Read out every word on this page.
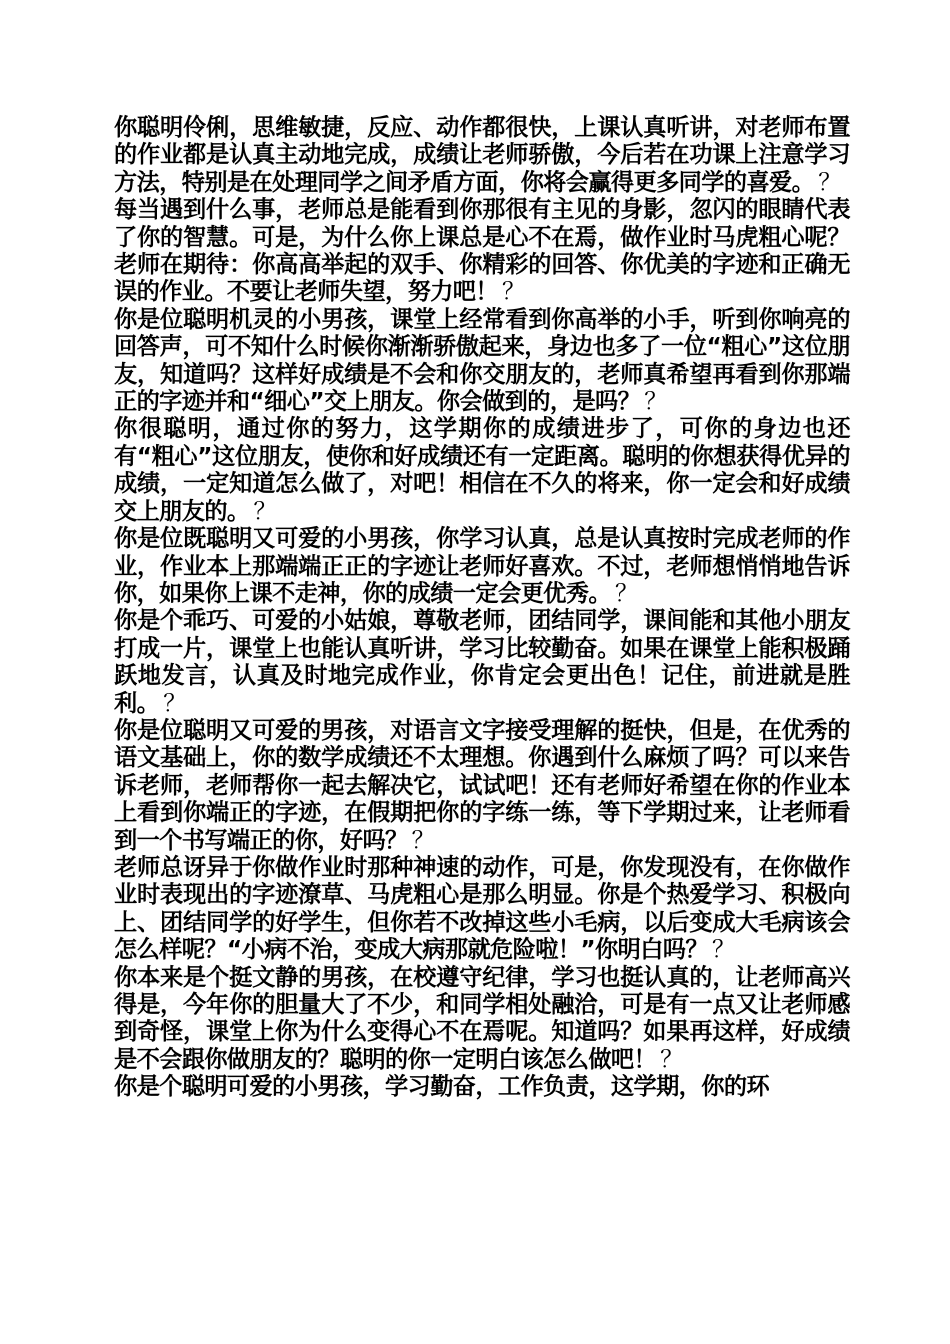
你聪明伶俐，思维敏捷，反应、动作都很快，上课认真听讲，对老师布置的作业都是认真主动地完成，成绩让老师骄傲，今后若在功课上注意学习方法，特别是在处理同学之间矛盾方面，你将会赢得更多同学的喜爱。 ？

每当遇到什么事，老师总是能看到你那很有主见的身影，忽闪的眼睛代表了你的智慧。可是，为什么你上课总是心不在焉，做作业时马虎粗心呢？老师在期待：你高高举起的双手、你精彩的回答、你优美的字迹和正确无误的作业。不要让老师失望，努力吧！ ？

你是位聪明机灵的小男孩，课堂上经常看到你高举的小手，听到你响亮的回答声，可不知什么时候你渐渐骄傲起来，身边也多了一位“粗心”这位朋友，知道吗？这样好成绩是不会和你交朋友的，老师真希望再看到你那端正的字迹并和“细心”交上朋友。你会做到的，是吗？ ？

你很聪明，通过你的努力，这学期你的成绩进步了，可你的身边也还有“粗心”这位朋友，使你和好成绩还有一定距离。聪明的你想获得优异的成绩，一定知道怎么做了，对吧！相信在不久的将来，你一定会和好成绩交上朋友的。 ？

你是位既聪明又可爱的小男孩，你学习认真，总是认真按时完成老师的作业，作业本上那端端正正的字迹让老师好喜欢。不过，老师想悄悄地告诉你，如果你上课不走神，你的成绩一定会更优秀。 ？

你是个乖巧、可爱的小姑娘，尊敬老师，团结同学，课间能和其他小朋友打成一片，课堂上也能认真听讲，学习比较勤奋。如果在课堂上能积极踊跃地发言，认真及时地完成作业，你肯定会更出色！记住，前进就是胜利。 ？

你是位聪明又可爱的男孩，对语言文字接受理解的挺快，但是，在优秀的语文基础上，你的数学成绩还不太理想。你遇到什么麻烦了吗？可以来告诉老师，老师帮你一起去解决它，试试吧！还有老师好希望在你的作业本上看到你端正的字迹，在假期把你的字练一练，等下学期过来，让老师看到一个书写端正的你，好吗？ ？

老师总讶异于你做作业时那种神速的动作，可是，你发现没有，在你做作业时表现出的字迹潦草、马虎粗心是那么明显。你是个热爱学习、积极向上、团结同学的好学生，但你若不改掉这些小毛病，以后变成大毛病该会怎么样呢？“小病不治，变成大病那就危险啦！”你明白吗？ ？

你本来是个挺文静的男孩，在校遵守纪律，学习也挺认真的，让老师高兴得是，今年你的胆量大了不少，和同学相处融洽，可是有一点又让老师感到奇怪，课堂上你为什么变得心不在焉呢。知道吗？如果再这样，好成绩是不会跟你做朋友的？聪明的你一定明白该怎么做吧！ ？

你是个聪明可爱的小男孩，学习勤奋，工作负责，这学期，你的环
